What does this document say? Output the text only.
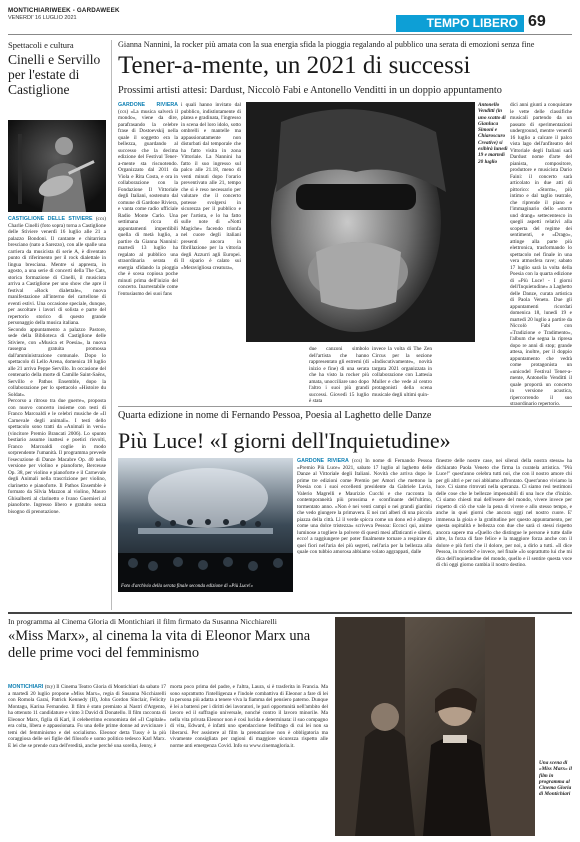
MONTICHIARIWEEK - GARDAWEEK
VENERDI' 16 LUGLIO 2021	TEMPO LIBERO 69
Spettacoli e cultura
Cinelli e Servillo per l'estate di Castiglione
CASTIGLIONE DELLE STIVIERE (ccs) Charlie Cinelli (foto sopra) torna a Castiglione delle Stiviere venerdì 16 luglio alle 21 a palazzo Bondoni. Il cantante e chitarrista bresciano (nato a Sarezzo), con alle spalle una carriera da musicista di serie A, è diventato punto di riferimento per il rock dialettale in lingua bresciana. Mentre si appresta, in agosto, a una serie di concerti della The Cats, storica formazione di Cinelli, il musicista arriva a Castiglione per uno show che apre il festival «Rock dialettale», nuova manifestazione all'interno del cartellone di eventi estivi. Una occasione speciale, dunque, per ascoltare i lavori di solista e parte del repertorio storico di questo grande personaggio della musica italiana.
Secondo appuntamento a palazzo Pastore, sede della Biblioteca di Castiglione delle Stiviere, con «Musica et Poesia», la nuova rassegna gratuita promossa dall'amministrazione comunale. Dopo lo spettacolo di Lello Arena, domenica 18 luglio alle 21 arriva Peppe Servillo. In occasione del centenario della morte di Camille Saint-Saëns, Servillo e Pathos Ensemble, dopo la collaborazione per lo spettacolo «Histoire du Soldat».
Percorso a ritroso tra due guerre», proposta con nuovo concerto insieme con testi di Franco Marcoaldi e le celebri musiche de «Il Carnevale degli animali». I testi dello spettacolo sono tratti da «Animali in versi» (vincitore Premio Brancati 2006). Lo spunto bestiario assume inattesi e poetici risvolti, Franco Marcoaldi coglie in modo sorprendente l'umanità. Il programma prevede l'esecuzione di Danze Macabre Op. 40 nella versione per violino e pianoforte, Berceuse Op. 38, per violino e pianoforte e il Carnevale degli Animali nella trascrizione per violino, clarinetto e pianoforte. Il Pathos Ensemble è formato da Silvia Mazzon al violino, Mauro Ghisalberti al clarinetto e Ivano Guernieri al pianoforte. Ingresso libero e gratuito senza bisogno di prenotazione.
Gianna Nannini, la rocker più amata con la sua energia sfida la pioggia regalando al pubblico una serata di emozioni senza fine
Tener-a-mente, un 2021 di successi
Prossimi artisti attesi: Dardust, Niccolò Fabi e Antonello Venditti in un doppio appuntamento
GARDONE RIVIERA (ccs) «La musica salverà il mondo», viene da dire, parafrasando la celebre frase di Dostoevskij nella quale il soggetto era la bellezza, guardando al successo che la decima edizione del Festival Tener-a-mente sta riscuotendo. Organizzato dal 2011 da Viola e Rita Costa, e ora in collaborazione con la Fondazione Il Vittoriale degli Italiani, sostenuto dal comune di Gardone Riviera, e vanta come radio ufficiale Radio Monte Carlo. Una settimana ricca di appuntamenti imperdibili quella di metà luglio, a partire da Gianna Nannini: martedì 13 luglio ha regalato al pubblico una straordinaria serata di energia sfidando la pioggia che è scesa copiosa poche minuti prima dell'inizio del concerto. Inarrestabile come l'entusiasmo dei suoi fans
i quali hanno invitato dal pubblico, indistintamente di platea e gradinata, l'ingresso in scena del loro idolo, sotto ombrelli e mantelle ma appassionatamente non disturbati dal temporale che ha fatto visita in zona Vittoriale. La Nannini ha fatto il suo ingresso sul palco alle 21.18, meno di venti minuti dopo l'orario preventivato alle 21, tempo che si è reso necessario per valutare che il concerto potesse svolgersi in sicurezza per il pubblico e per l'artista, e lo ha fatto sulle note di «Notti Magiche» facendo trionfa nel cuore degli italiani presenti ancora in fibrillazione per la vittoria degli Azzurri agli Europei. Il sipario è calato sui «Meravigliosa creatura»,
Antonello Venditti (in uno scatto di Gianluca Simoni e Chiaroscuro Creative) si esibirà lunedì 19 e martedì 20 luglio
dici anni giunti a conquistare le vette delle classifiche musicali partendo da un passato di sperimentazioni underground, mentre venerdì 16 luglio a calcare il palco vista lago dell'anfiteatro del Vittoriale degli Italiani sarà Dardust nome d'arte del pianista, compositore, produttore e musicista Dario Faini: il concerto sarà articolato in due atti di pittorico: «Storm», più intimo e dal taglio teatrale, che riprende il piano e l'immaginario dello «storm und drang» settecentesco in quegli aspetti relativi alla scoperta del regime dei sentimenti, e «Drago», attinge alla parte più elettronica, trasformando lo spettacolo nel finale in una vera atmosfera rave; sabato 17 luglio sarà la volta della Poesia con la quarta edizione di «Più Luce! - I giorni dell'Inquietudine» a Laghetto delle Danze, curata artistica di Paola Veneto. Due gli appuntamenti ricordati domenica 18, lunedì 19 e martedì 20 luglio a partire da Niccolò Fabi con «Tradizione e Tradimento», l'album che segna la ripresa dopo re anni di stop; grande attesa, inoltre, per il doppio appuntamento che vedrà come protagonista un «unicodel Festival Tener-a-mente, Antonello Venditti il quale proporrà un concerto in versione acustica, ripercorrendo il suo straordinario repertorio.
due canzoni simbolo dell'artista che hanno rappresentato gli estremi (di inizio e fine) di una serata che ha visto la rocker più amata, unocciliare uno dopo l'altro i suoi più grandi successi. Giovedì 15 luglio è stata
invece la volta di The Zen Circus per la sezione «Indiscutivamente», novità targata 2021 organizzata in collaborazione con Lattesia Muller e che vede al centro protagonisti della scena musicale degli ultimi quin-
Quarta edizione in nome di Fernando Pessoa, Poesia al Laghetto delle Danze
Più Luce! «I giorni dell'Inquietudine»
Foto d'archivio della serata finale seconda edizione di «Più Luce!»
GARDONE RIVIERA (ccs) In nome di Fernando Pessoa «Premio Più Luce» 2021, sabato 17 luglio al laghetto delle Danze al Vittoriale degli Italiani. Novità che arriva dopo le prime tre edizioni come Premio per Amori che mettono la Poesia con i suoi eccellenti presidente da Gabriele Lavia, Valerio Magrelli e Maurizio Cucchi e che racconta la contemporaneità più prossima e sconfinante dell'ultimo, tormentato anno. «Non è nei venti campi o nei grandi giardini che vedo giungere la primavera. E nei rari alberi di una piccola piazza della città. Lì il verde spicca come un dono ed è allegro come una dolce tristezza» scriveva Pessoa: Eccoci qui, anime luminose a togliere la polvere di questi mesi affaticanti e silenti, ecco! a raggiungere per poter finalmente tornare a respirare di quei fiori nell'aria dei più segreti, nell'aria per la bellezza alla quale con tubbio amorosa abbiamo volato aggrappati, dalle
finestre delle nostre case, nei silenzi della nostra stessa» ha dichiarato Paola Veneto che firma la curatela artistica. "Più Luce!" quest'anno celebra tutti noi, che con il nostro amore chi per gli altri e per noi abbiamo affrontato. Quest'anno viviamo la luce. Ci siamo ritrovati nella speranza. Ci siamo resi testimoni delle cose che le bellezze impensabili di una luce che d'inizio. Ci siamo chiesti mai dell'essere del mondo, vivere invece per rispetto di ciò che vale la pena di vivere e allo stesso tempo, e anche in quei giorni che ancora oggi nel nostro cuore. E' immensa la gioia e la gratitudine per questo appuntamento, per questa ospitalità e bellezza con due che sarà ci stessi rispetto ancora sapere ma «Quello che distingue le persone è tutte dalle altre, la forza di fare felice e la maggiore forza anche con il dolore e più forti che il dolore, per noi, a dirlo a tutti. «Il dice Pessoa, in ricordo? e invece, nel finale «Io soprattutto lui che mi dica dell'inquietudine del mondo, quello e il sentire questa voce di chi oggi giorno cambia il nostro destino.
In programma al Cinema Gloria di Montichiari il film firmato da Susanna Nicchiarelli
«Miss Marx», al cinema la vita di Eleonor Marx una delle prime voci del femminismo
MONTICHIARI (txy) Il Cinema Teatro Gloria di Montichiari da sabato 17 a martedì 20 luglio propone «Miss Marx», regia di Susanna Nicchiarelli con Romola Garai, Patrick Kennedy (II), John Gordon Sinclair, Felicity Montagu, Karina Fernandez. Il film è stato premiato ai Nastri d'Argento, ha ottenuto 11 candidature e vinto 3 David di Donatello. Il film racconta di Eleonor Marx, figlia di Karl, il celeberrimo economista del «Il Capitale» era colta, libera e appassionata. Fu una delle prime donne ad avvicinare i temi del femminismo e del socialismo. Eleonor detta Tussy è la più coraggiosa delle sei figlie del filosofo e uomo politico tedesco Karl Marx. E lei che se prende cura dell'eredità, anche perché una sorella, Jenny, è
morta poco prima del padre, e l'altra, Laura, si è trasferita in Francia. Ma sono soprattutto l'intelligenza e l'indole combattiva di Eleonor a fare di lei la persona più adatta a tenere viva la fiamma del pensiero paterno. Dunque è lei a battersi per i diritti dei lavoratori, le pari opportunità nell'ambito del lavoro ed il suffragio universale, nonché contro il lavoro minorile. Ma nella vita privata Eleonor non è così lucida e determinata: il suo compagno di vita, Edward, è infatti uno spendaccione fedifrago di cui lei non sa liberarsi. Per assistere al film la prenotazione non è obbligatoria ma vivamente consigliata per ragioni di maggiore sicurezza rispetto alle norme anti emergenza Covid. Info su www.cinemagloria.it.
Una scena di «Miss Marx» il film in programma al Cinema Gloria di Montichiari
